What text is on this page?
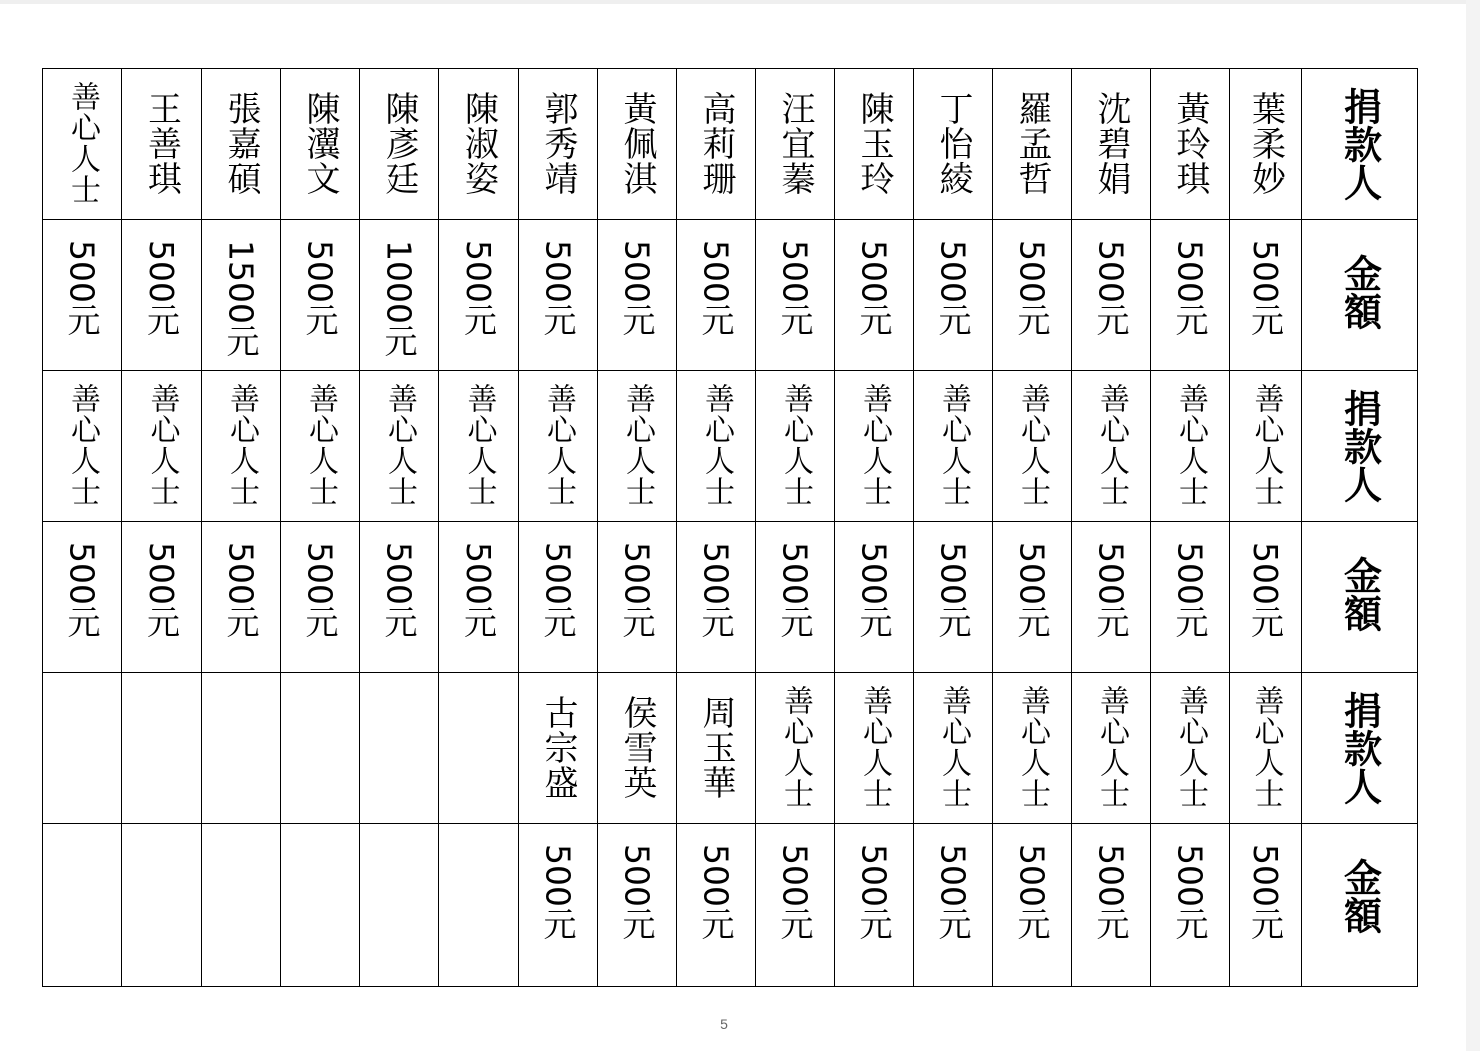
善心人士	王善琪	張嘉碩	陳瀷文	陳彥廷	陳淑姿	郭秀靖	黃佩淇	高莉珊	汪宜蓁	陳玉玲	丁怡綾	羅孟哲	沈碧娟	黃玲琪	葉柔妙	捐款人

500元	500元	1500元	500元	1000元	500元	500元	500元	500元	500元	500元	500元	500元	500元	500元	500元	金額

善心人士	善心人士	善心人士	善心人士	善心人士	善心人士	善心人士	善心人士	善心人士	善心人士	善心人士	善心人士	善心人士	善心人士	善心人士	善心人士	捐款人

500元	500元	500元	500元	500元	500元	500元	500元	500元	500元	500元	500元	500元	500元	500元	500元	金額

						古宗盛	侯雪英	周玉華	善心人士	善心人士	善心人士	善心人士	善心人士	善心人士	善心人士	捐款人

						500元	500元	500元	500元	500元	500元	500元	500元	500元	500元	金額
5
